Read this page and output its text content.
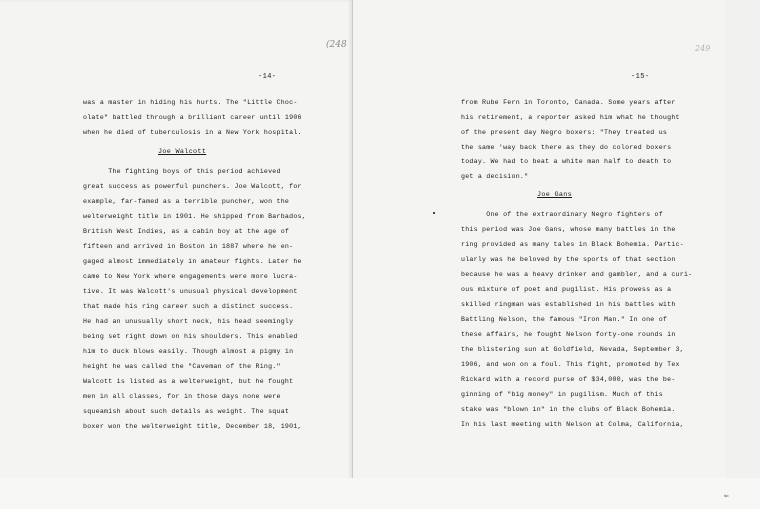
(248
-14-
was a master in hiding his hurts. The "Little Choc-
olate" battled through a brilliant career until 1906
when he died of tuberculosis in a New York hospital.
Joe Walcott
The fighting boys of this period achieved
great success as powerful punchers. Joe Walcott, for
example, far-famed as a terrible puncher, won the
welterweight title in 1901. He shipped from Barbados,
British West Indies, as a cabin boy at the age of
fifteen and arrived in Boston in 1887 where he en-
gaged almost immediately in amateur fights. Later he
came to New York where engagements were more lucra-
tive. It was Walcott's unusual physical development
that made his ring career such a distinct success.
He had an unusually short neck, his head seemingly
being set right down on his shoulders. This enabled
him to duck blows easily. Though almost a pigmy in
height he was called the "Caveman of the Ring."
Walcott is listed as a welterweight, but he fought
men in all classes, for in those days none were
squeamish about such details as weight. The squat
boxer won the welterweight title, December 18, 1901,
-15-
from Rube Fern in Toronto, Canada. Some years after
his retirement, a reporter asked him what he thought
of the present day Negro boxers: "They treated us
the same 'way back there as they do colored boxers
today. We had to beat a white man half to death to
get a decision."
Joe Gans
One of the extraordinary Negro fighters of
this period was Joe Gans, whose many battles in the
ring provided as many tales in Black Bohemia. Partic-
ularly was he beloved by the sports of that section
because he was a heavy drinker and gambler, and a curi-
ous mixture of poet and pugilist. His prowess as a
skilled ringman was established in his battles with
Battling Nelson, the famous "Iron Man." In one of
these affairs, he fought Nelson forty-one rounds in
the blistering sun at Goldfield, Nevada, September 3,
1906, and won on a foul. This fight, promoted by Tex
Rickard with a record purse of $34,000, was the be-
ginning of "big money" in pugilism. Much of this
stake was "blown in" in the clubs of Black Bohemia.
In his last meeting with Nelson at Colma, California,
249
⇐
